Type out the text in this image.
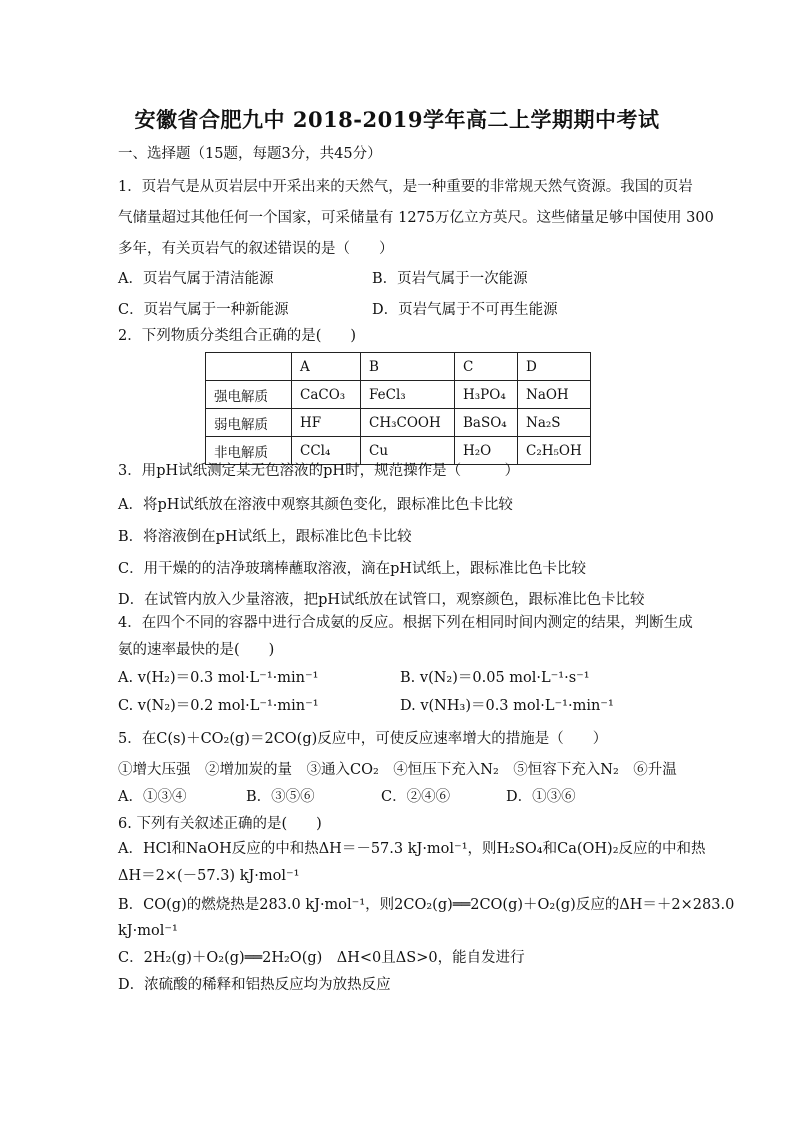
安徽省合肥九中 2018-2019学年高二上学期期中考试
一、选择题（15题，每题3分，共45分）
1．页岩气是从页岩层中开采出来的天然气，是一种重要的非常规天然气资源。我国的页岩
气储量超过其他任何一个国家，可采储量有 1275万亿立方英尺。这些储量足够中国使用 300
多年，有关页岩气的叙述错误的是（　　）
A．页岩气属于清洁能源	B．页岩气属于一次能源
C．页岩气属于一种新能源	D．页岩气属于不可再生能源
2．下列物质分类组合正确的是(　　)
	A	B	C	D
强电解质	CaCO₃	FeCl₃	H₃PO₄	NaOH
弱电解质	HF	CH₃COOH	BaSO₄	Na₂S
非电解质	CCl₄	Cu	H₂O	C₂H₅OH
3．用pH试纸测定某无色溶液的pH时，规范操作是（　　　）
A．将pH试纸放在溶液中观察其颜色变化，跟标准比色卡比较
B．将溶液倒在pH试纸上，跟标准比色卡比较
C．用干燥的的洁净玻璃棒蘸取溶液，滴在pH试纸上，跟标准比色卡比较
D．在试管内放入少量溶液，把pH试纸放在试管口，观察颜色，跟标准比色卡比较
4．在四个不同的容器中进行合成氨的反应。根据下列在相同时间内测定的结果，判断生成
氨的速率最快的是(　　)
A. v(H₂)＝0.3 mol·L⁻¹·min⁻¹	B. v(N₂)＝0.05 mol·L⁻¹·s⁻¹
C. v(N₂)＝0.2 mol·L⁻¹·min⁻¹	D. v(NH₃)＝0.3 mol·L⁻¹·min⁻¹
5．在C(s)＋CO₂(g)＝2CO(g)反应中，可使反应速率增大的措施是（　　）
①增大压强　②增加炭的量　③通入CO₂　④恒压下充入N₂　⑤恒容下充入N₂　⑥升温
A．①③④	B．③⑤⑥	C．②④⑥	D．①③⑥
6. 下列有关叙述正确的是(　　)
A．HCl和NaOH反应的中和热ΔH＝－57.3 kJ·mol⁻¹，则H₂SO₄和Ca(OH)₂反应的中和热
ΔH＝2×(－57.3) kJ·mol⁻¹
B．CO(g)的燃烧热是283.0 kJ·mol⁻¹，则2CO₂(g)══2CO(g)＋O₂(g)反应的ΔH＝＋2×283.0
kJ·mol⁻¹
C．2H₂(g)＋O₂(g)══2H₂O(g)　ΔH<0且ΔS>0，能自发进行
D．浓硫酸的稀释和铝热反应均为放热反应
